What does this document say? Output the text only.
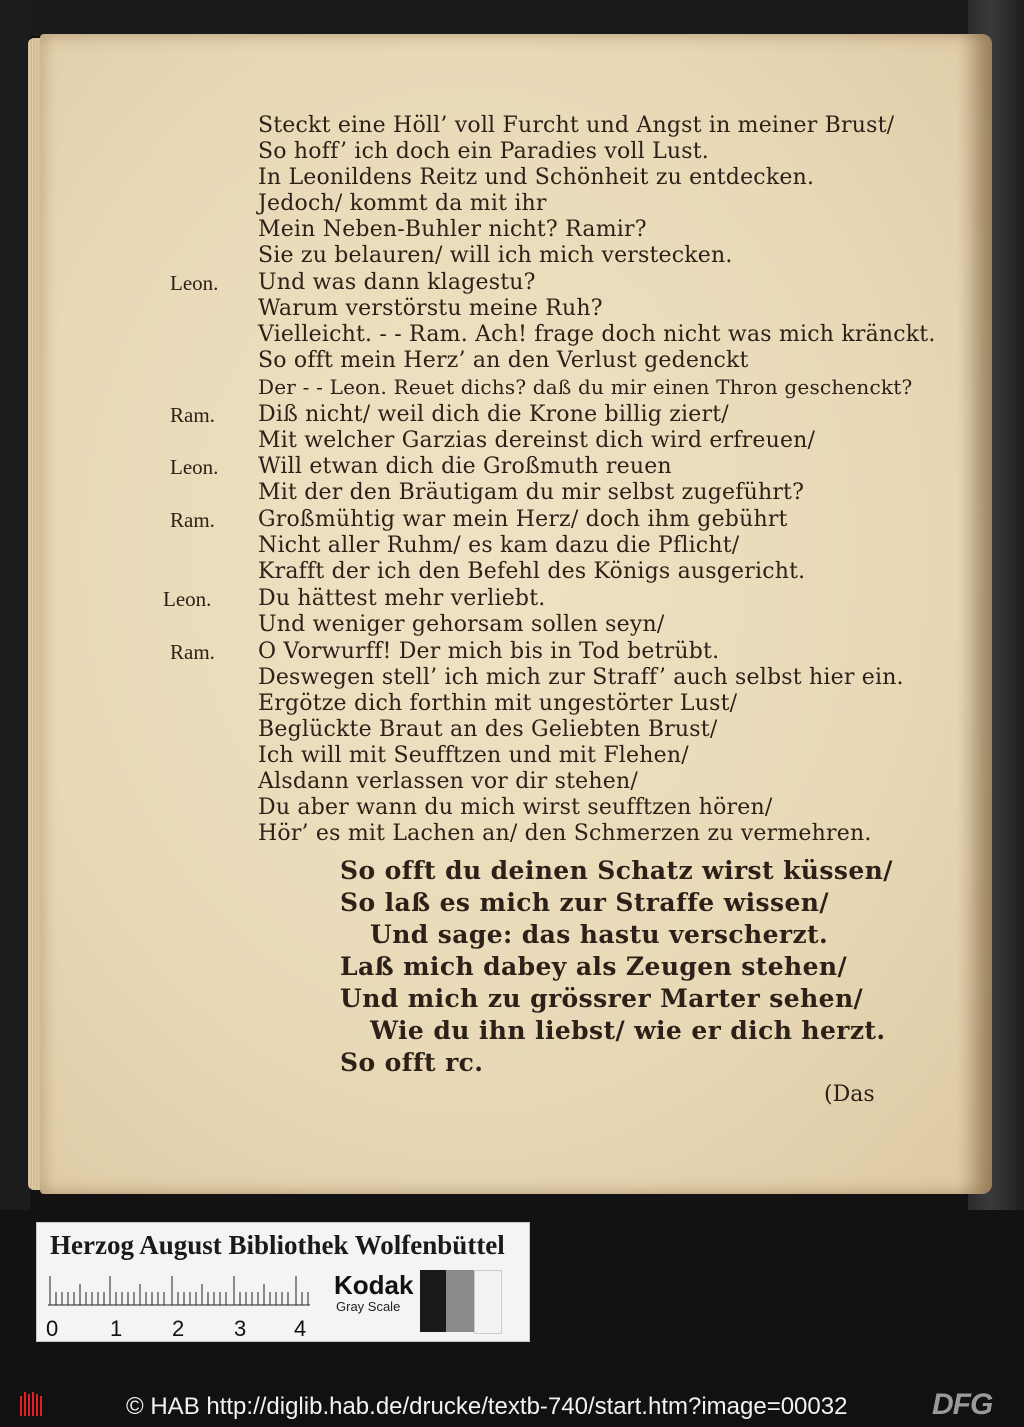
Steckt eine Höll’ voll Furcht und Angst in meiner Brust/
So hoff’ ich doch ein Paradies voll Lust.
In Leonildens Reitz und Schönheit zu entdecken.
Jedoch/ kommt da mit ihr
Mein Neben-Buhler nicht? Ramir?
Sie zu belauren/ will ich mich verstecken.
Leon. Und was dann klagestu?
Warum verstörstu meine Ruh?
Vielleicht. - - Ram. Ach! frage doch nicht was mich kränckt.
So offt mein Herz’ an den Verlust gedenckt
Der - - Leon. Reuet dichs? daß du mir einen Thron geschenckt?
Ram. Diß nicht/ weil dich die Krone billig ziert/
Mit welcher Garzias dereinst dich wird erfreuen/
Leon. Will etwan dich die Großmuth reuen
Mit der den Bräutigam du mir selbst zugeführt?
Ram. Großmühtig war mein Herz/ doch ihm gebührt
Nicht aller Ruhm/ es kam dazu die Pflicht/
Krafft der ich den Befehl des Königs ausgericht.
Leon. Du hättest mehr verliebt.
Und weniger gehorsam sollen seyn/
Ram. O Vorwurff! Der mich bis in Tod betrübt.
Deswegen stell’ ich mich zur Straff’ auch selbst hier ein.
Ergötze dich forthin mit ungestörter Lust/
Beglückte Braut an des Geliebten Brust/
Ich will mit Seufftzen und mit Flehen/
Alsdann verlassen vor dir stehen/
Du aber wann du mich wirst seufftzen hören/
Hör’ es mit Lachen an/ den Schmerzen zu vermehren.
So offt du deinen Schatz wirst küssen/
So laß es mich zur Straffe wissen/
Und sage: das hastu verscherzt.
Laß mich dabey als Zeugen stehen/
Und mich zu grössrer Marter sehen/
Wie du ihn liebst/ wie er dich herzt.
So offt rc.
(Das
Herzog August Bibliothek Wolfenbüttel
0 1 2 3 4
Kodak
Gray Scale
© HAB http://diglib.hab.de/drucke/textb-740/start.htm?image=00032	DFG
